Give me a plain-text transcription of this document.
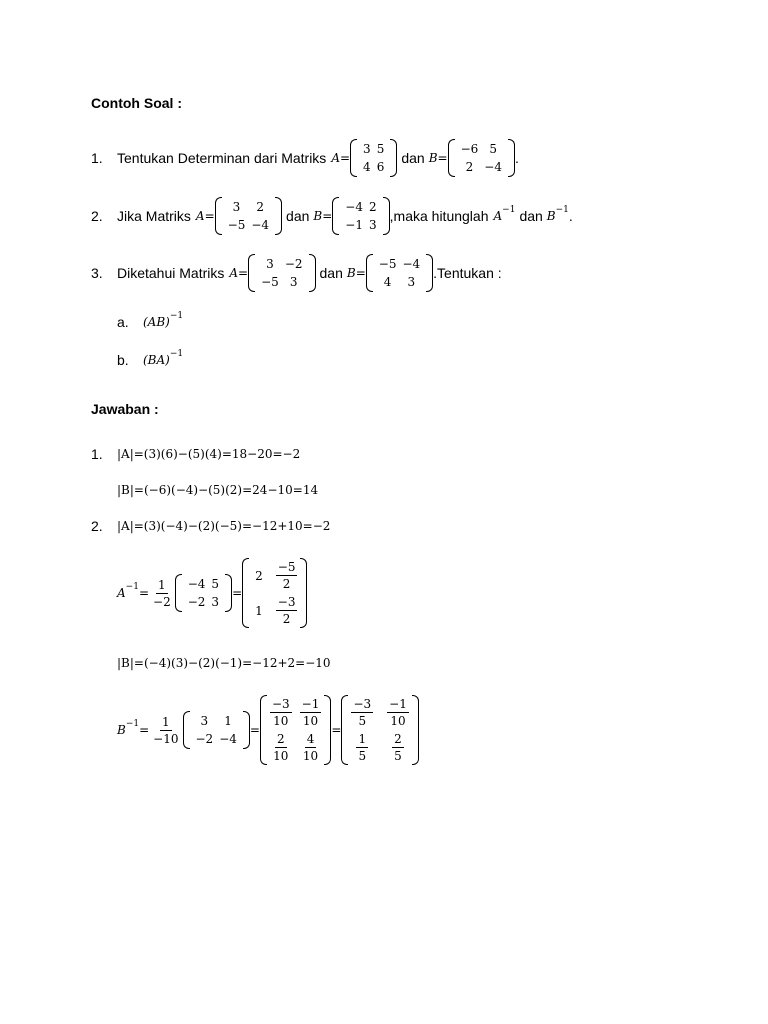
Contoh Soal :
1.	Tentukan Determinan dari Matriks A =
3 5
4 6
dan B =
−6 5
2 −4
.
2.	Jika Matriks A =
3	2
−5 −4
dan B =
−4 2
−1 3
,maka hitunglah A −1 dan B −1 .
3.	Diketahui Matriks A =
3 −2
−5 3
dan B =
−5 −4
4	3
.Tentukan :
a.	(AB) −1
b.	(BA) −1
Jawaban :
1.	|A|=(3)(6)−(5)(4)=18−20=−2
|B|=(−6)(−4)−(5)(2)=24−10=14
2.	|A|=(3)(−4)−(2)(−5)=−12+10=−2
$A -1 = \frac{1}{-2} -4$ 5
−2 3
=
$2 \frac{-5}{2}$
$1 \frac{-3}{2}$
|B|=(−4)(3)−(2)(−1)=−12+2=−10
$B -1 = \frac{1}{-10}$	3	1
−2 −4
=
$\frac{-3}{10} \frac{-1}{10}$
$\frac{2}{10} \frac{4}{10}$
=
$\frac{-3}{5} \frac{-1}{10}$
$\frac{1}{5} \frac{2}{5}$
